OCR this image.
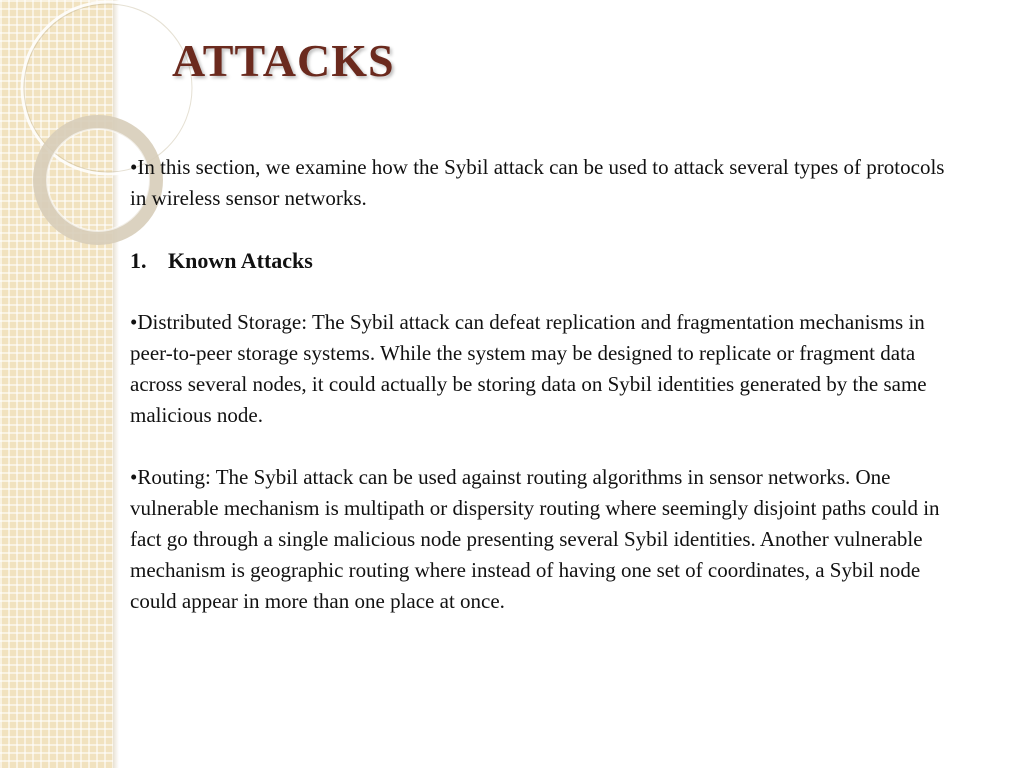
ATTACKS

•In this section, we examine how the Sybil attack can be used to attack several types of protocols in wireless sensor networks.

1. Known Attacks

•Distributed Storage: The Sybil attack can defeat replication and fragmentation mechanisms in peer-to-peer storage systems. While the system may be designed to replicate or fragment data across several nodes, it could actually be storing data on Sybil identities generated by the same malicious node.

•Routing: The Sybil attack can be used against routing algorithms in sensor networks. One vulnerable mechanism is multipath or dispersity routing where seemingly disjoint paths could in fact go through a single malicious node presenting several Sybil identities. Another vulnerable mechanism is geographic routing where instead of having one set of coordinates, a Sybil node could appear in more than one place at once.
